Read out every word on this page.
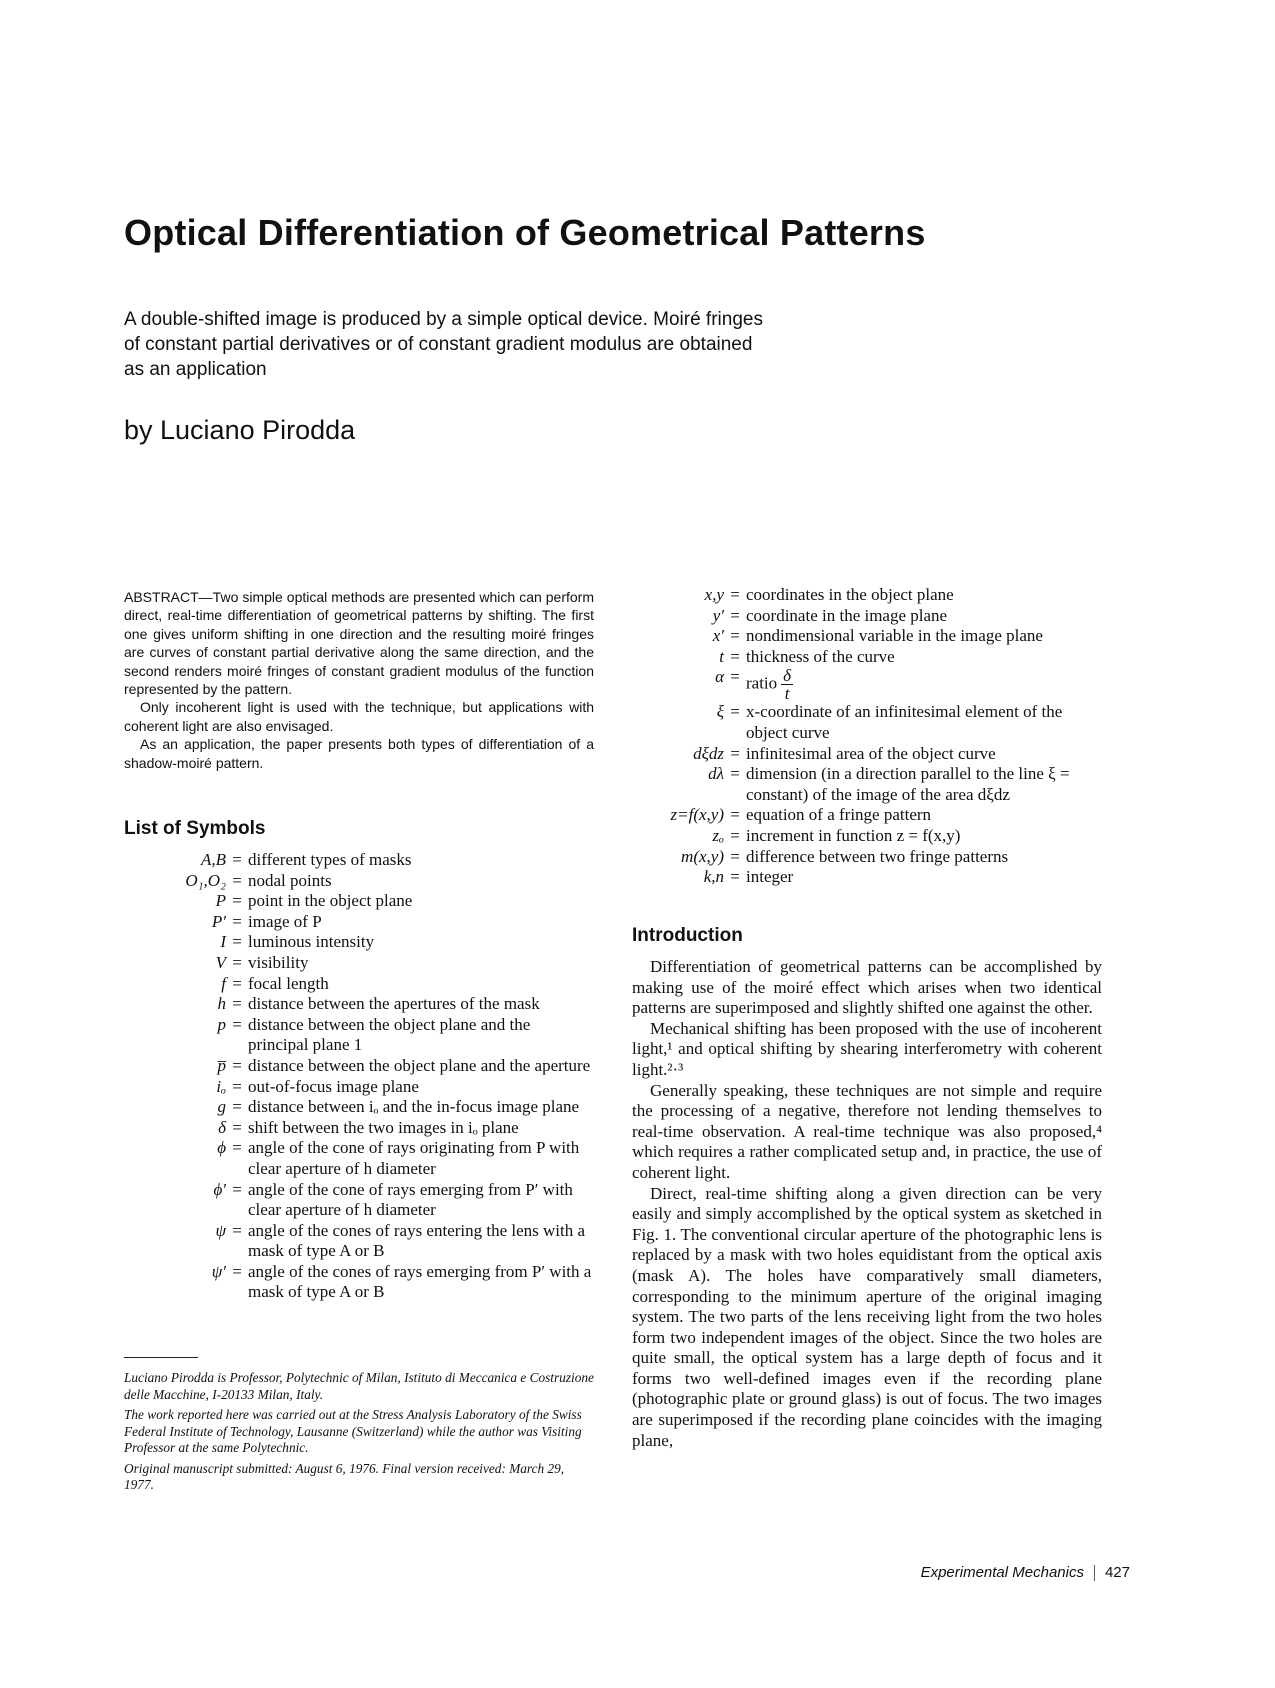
Optical Differentiation of Geometrical Patterns
A double-shifted image is produced by a simple optical device. Moiré fringes of constant partial derivatives or of constant gradient modulus are obtained as an application
by Luciano Pirodda

ABSTRACT—Two simple optical methods are presented which can perform direct, real-time differentiation of geometrical patterns by shifting. The first one gives uniform shifting in one direction and the resulting moiré fringes are curves of constant partial derivative along the same direction, and the second renders moiré fringes of constant gradient modulus of the function represented by the pattern.

Only incoherent light is used with the technique, but applications with coherent light are also envisaged.

As an application, the paper presents both types of differentiation of a shadow-moiré pattern.

List of Symbols
A,B = different types of masks
O₁,O₂ = nodal points
P = point in the object plane
P′ = image of P
I = luminous intensity
V = visibility
f = focal length
h = distance between the apertures of the mask
p = distance between the object plane and the principal plane 1
p̅ = distance between the object plane and the aperture
iₒ = out-of-focus image plane
g = distance between iₒ and the in-focus image plane
δ = shift between the two images in iₒ plane
ϕ = angle of the cone of rays originating from P with clear aperture of h diameter
ϕ′ = angle of the cone of rays emerging from P′ with clear aperture of h diameter
ψ = angle of the cones of rays entering the lens with a mask of type A or B
ψ′ = angle of the cones of rays emerging from P′ with a mask of type A or B
x,y = coordinates in the object plane
y′ = coordinate in the image plane
x′ = nondimensional variable in the image plane
t = thickness of the curve
α = ratio $\frac{\delta}{t}$
ξ = x-coordinate of an infinitesimal element of the object curve
dξdz = infinitesimal area of the object curve
dλ = dimension (in a direction parallel to the line ξ = constant) of the image of the area dξdz
z=f(x,y) = equation of a fringe pattern
zₒ = increment in function z = f(x,y)
m(x,y) = difference between two fringe patterns
k,n = integer

Luciano Pirodda is Professor, Polytechnic of Milan, Istituto di Meccanica e Costruzione delle Macchine, I-20133 Milan, Italy.

The work reported here was carried out at the Stress Analysis Laboratory of the Swiss Federal Institute of Technology, Lausanne (Switzerland) while the author was Visiting Professor at the same Polytechnic.

Original manuscript submitted: August 6, 1976. Final version received: March 29, 1977.

Introduction

Differentiation of geometrical patterns can be accomplished by making use of the moiré effect which arises when two identical patterns are superimposed and slightly shifted one against the other.

Mechanical shifting has been proposed with the use of incoherent light,¹ and optical shifting by shearing interferometry with coherent light.²·³

Generally speaking, these techniques are not simple and require the processing of a negative, therefore not lending themselves to real-time observation. A real-time technique was also proposed,⁴ which requires a rather complicated setup and, in practice, the use of coherent light.

Direct, real-time shifting along a given direction can be very easily and simply accomplished by the optical system as sketched in Fig. 1. The conventional circular aperture of the photographic lens is replaced by a mask with two holes equidistant from the optical axis (mask A). The holes have comparatively small diameters, corresponding to the minimum aperture of the original imaging system. The two parts of the lens receiving light from the two holes form two independent images of the object. Since the two holes are quite small, the optical system has a large depth of focus and it forms two well-defined images even if the recording plane (photographic plate or ground glass) is out of focus. The two images are superimposed if the recording plane coincides with the imaging plane,

Experimental Mechanics 427
